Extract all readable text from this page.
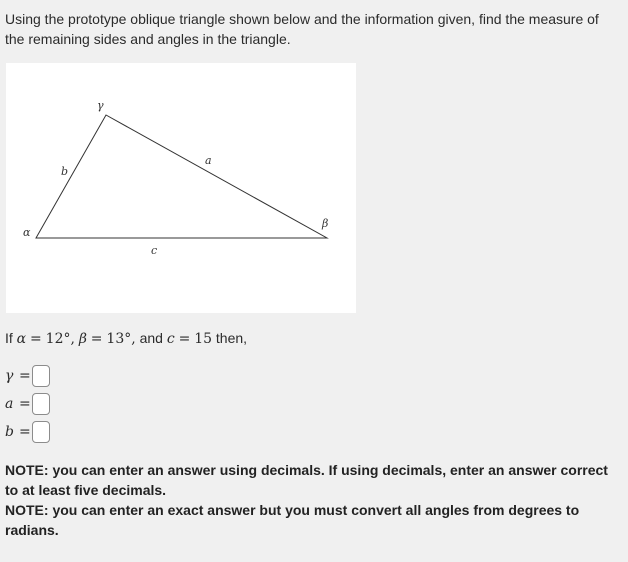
Using the prototype oblique triangle shown below and the information given, find the measure of the remaining sides and angles in the triangle.

γ
α
β
b
a
c
If α = 12°, β = 13°, and c = 15 then,
γ =
a =
b =

NOTE: you can enter an answer using decimals. If using decimals, enter an answer correct to at least five decimals.

NOTE: you can enter an exact answer but you must convert all angles from degrees to radians.
